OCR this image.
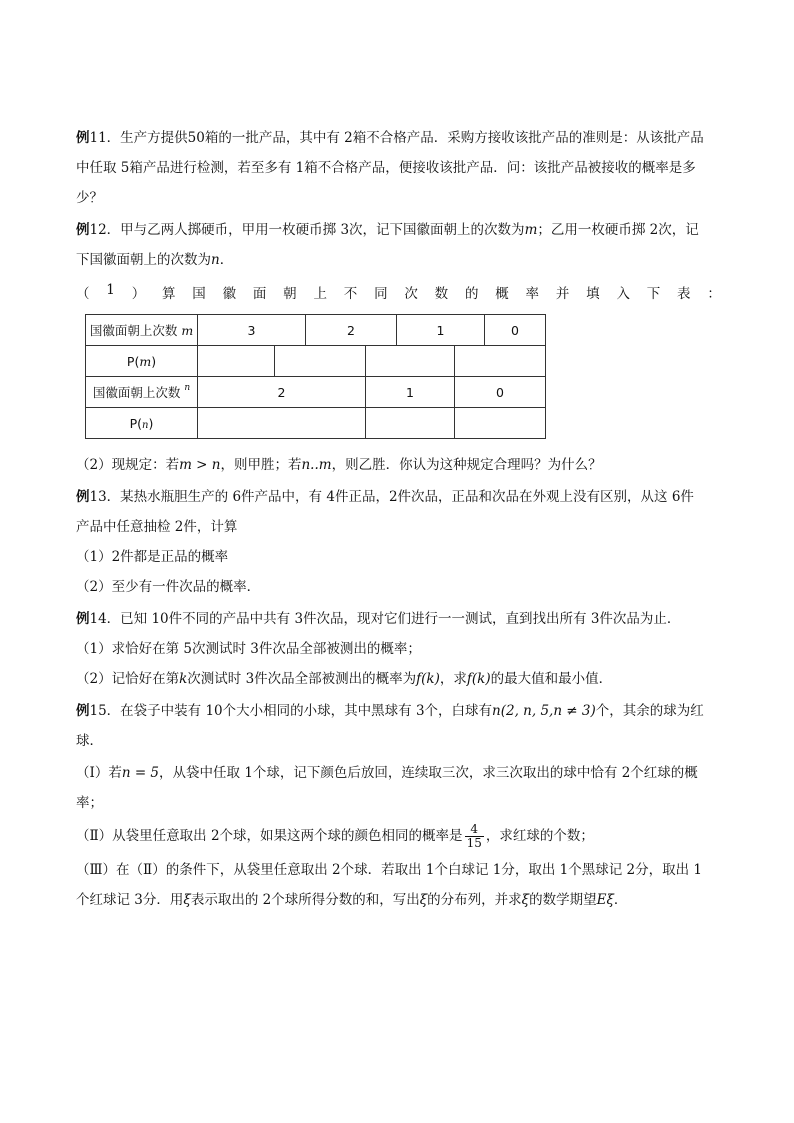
例11．生产方提供50箱的一批产品，其中有 2箱不合格产品．采购方接收该批产品的准则是：从该批产品

中任取 5箱产品进行检测，若至多有 1箱不合格产品，便接收该批产品．问：该批产品被接收的概率是多

少？

例12．甲与乙两人掷硬币，甲用一枚硬币掷 3次，记下国徽面朝上的次数为m；乙用一枚硬币掷 2次，记

下国徽面朝上的次数为n．

（ 1 ） 算 国 徽 面 朝 上 不 同 次 数 的 概 率 并 填 入 下 表 ：
国徽面朝上次数 m	3		2		1		0
P(m)							
国徽面朝上次数 $^n$	2			1		0	
P(n)							

（2）现规定：若m > n，则甲胜；若n..m，则乙胜．你认为这种规定合理吗？为什么？

例13．某热水瓶胆生产的 6件产品中，有 4件正品，2件次品，正品和次品在外观上没有区别，从这 6件

产品中任意抽检 2件，计算

（1）2件都是正品的概率

（2）至少有一件次品的概率．

例14．已知 10件不同的产品中共有 3件次品，现对它们进行一一测试，直到找出所有 3件次品为止．

（1）求恰好在第 5次测试时 3件次品全部被测出的概率；

（2）记恰好在第k次测试时 3件次品全部被测出的概率为f(k)，求f(k)的最大值和最小值．

例15．在袋子中装有 10个大小相同的小球，其中黑球有 3个，白球有n(2, n, 5,n ≠ 3)个，其余的球为红

球．

（Ⅰ）若n = 5，从袋中任取 1个球，记下颜色后放回，连续取三次，求三次取出的球中恰有 2个红球的概

率；

（Ⅱ）从袋里任意取出 2个球，如果这两个球的颜色相同的概率是 $\frac{4}{15}$ ，求红球的个数；

（Ⅲ）在（Ⅱ）的条件下，从袋里任意取出 2个球．若取出 1个白球记 1分，取出 1个黑球记 2分，取出 1

个红球记 3分．用ξ表示取出的 2个球所得分数的和，写出ξ的分布列，并求ξ的数学期望Eξ．
